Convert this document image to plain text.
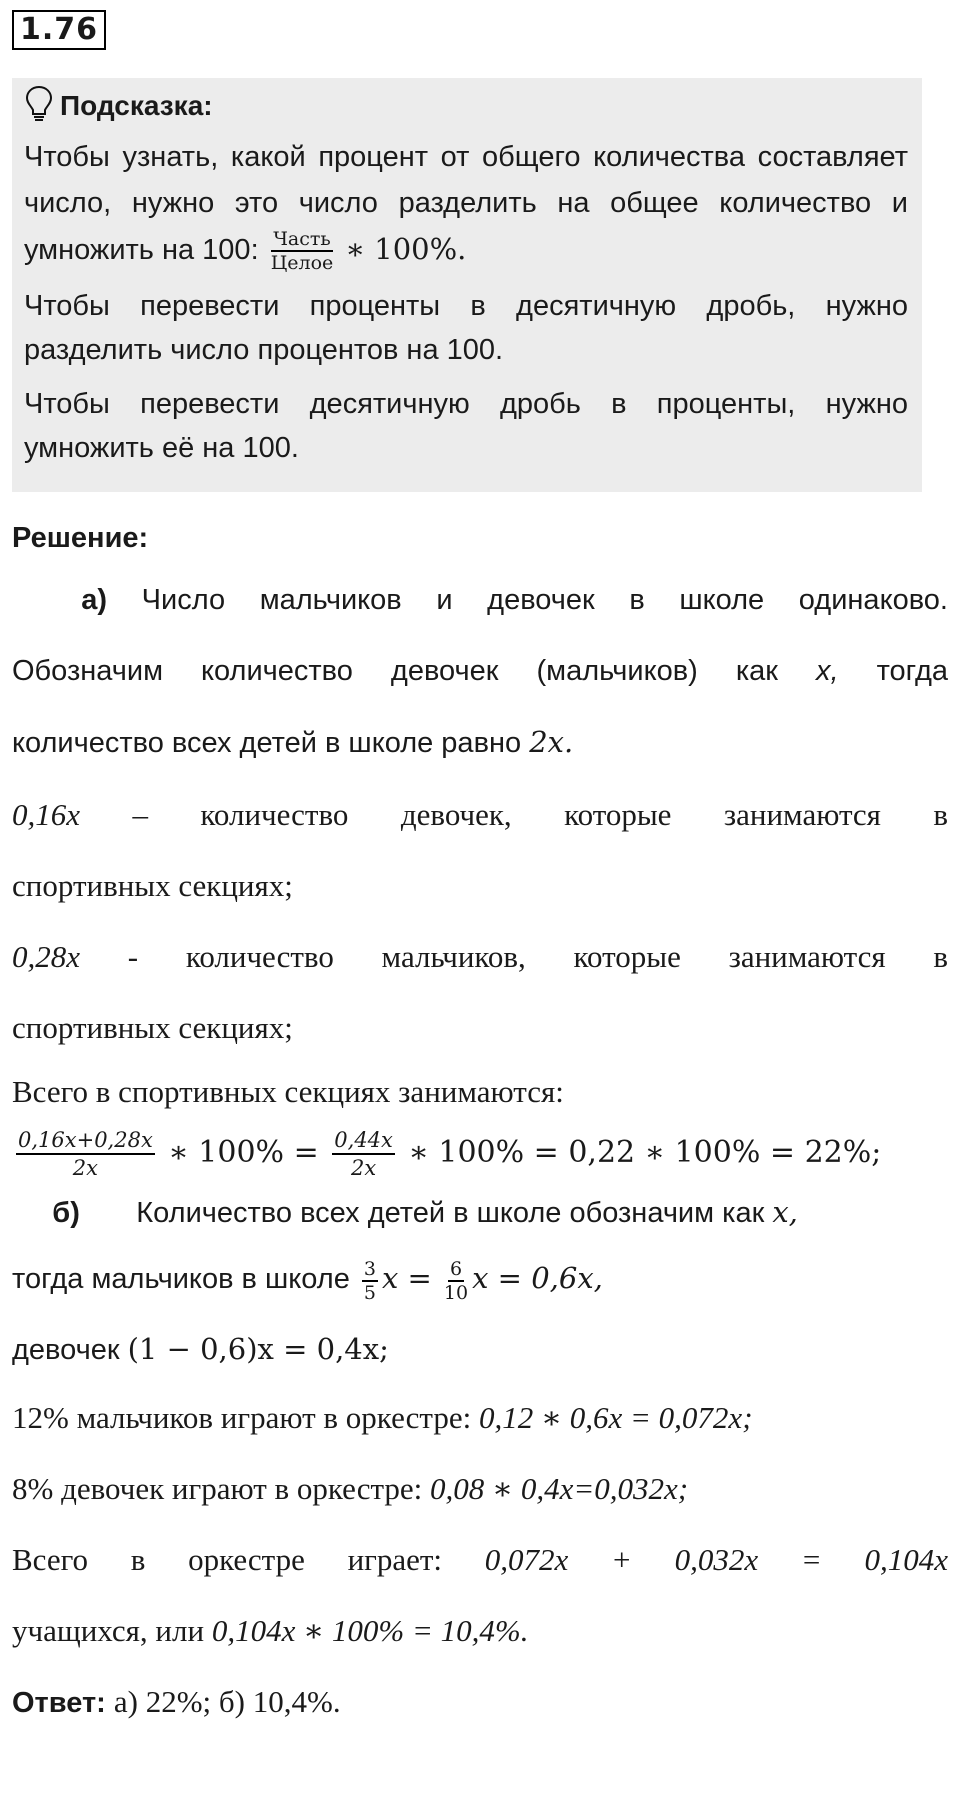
1.76
Подсказка:

Чтобы узнать, какой процент от общего количества составляет число, нужно это число разделить на общее количество и умножить на 100: $\frac{\text{Часть}}{\text{Целое}}$ ∗ 100%.

Чтобы перевести проценты в десятичную дробь, нужно разделить число процентов на 100.

Чтобы перевести десятичную дробь в проценты, нужно умножить её на 100.

Решение:
а) Число мальчиков и девочек в школе одинаково.
Обозначим количество девочек (мальчиков) как x, тогда
количество всех детей в школе равно 2x.
0,16x – количество девочек, которые занимаются в
спортивных секциях;
0,28x - количество мальчиков, которые занимаются в
спортивных секциях;
Всего в спортивных секциях занимаются:
$\frac{0,16x+0,28x}{2x}$ ∗ $100\% = \frac{0,44x}{2x}$ ∗ 100% = 0,22 ∗ 100% = 22%;
б) Количество всех детей в школе обозначим как x,
тогда мальчиков в школе $\frac{3}{5}$ $x = \frac{6}{10}$ x = 0,6x,
девочек (1 − 0,6)x = 0,4x;
12% мальчиков играют в оркестре: 0,12 ∗ 0,6x = 0,072x;
8% девочек играют в оркестре: 0,08 ∗ 0,4x=0,032x;
Всего в оркестре играет: 0,072x + 0,032x = 0,104x
учащихся, или 0,104x ∗ 100% = 10,4%.
Ответ: а) 22%; б) 10,4%.
